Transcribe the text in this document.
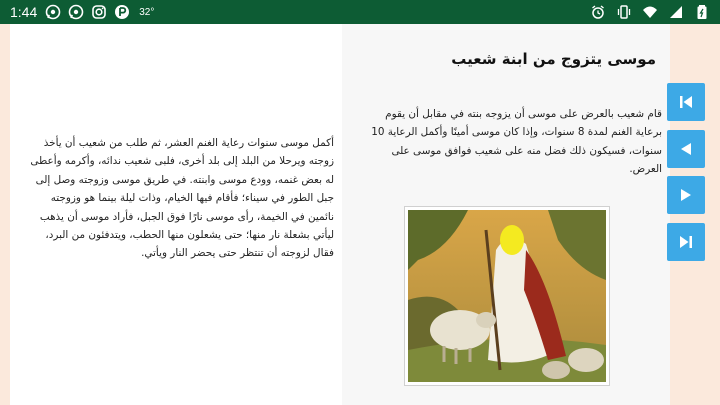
1:44	32°
موسى يتزوج من ابنة شعيب

قام شعيب بالعرض على موسى أن يزوجه بنته في مقابل أن يقوم برعاية الغنم لمدة 8 سنوات، وإذا كان موسى أمينًا وأكمل الرعاية 10 سنوات، فسيكون ذلك فضل منه على شعيب فوافق موسى على العرض.

أكمل موسى سنوات رعاية الغنم العشر، ثم طلب من شعيب أن يأخذ زوجته ويرحلا من البلد إلى بلد أخرى، فلبى شعيب ندائه، وأكرمه وأعطى له بعض غنمه، وودع موسى وابنته. في طريق موسى وزوجته وصل إلى جبل الطور في سيناء؛ فأقام فيها الخيام، وذات ليلة بينما هو وزوجته نائمين في الخيمة، رأى موسى نارًا فوق الجبل، فأراد موسى أن يذهب ليأتي بشعلة نار منها؛ حتى يشعلون منها الحطب، ويتدفئون من البرد، فقال لزوجته أن تنتظر حتى يحضر النار ويأتي.
